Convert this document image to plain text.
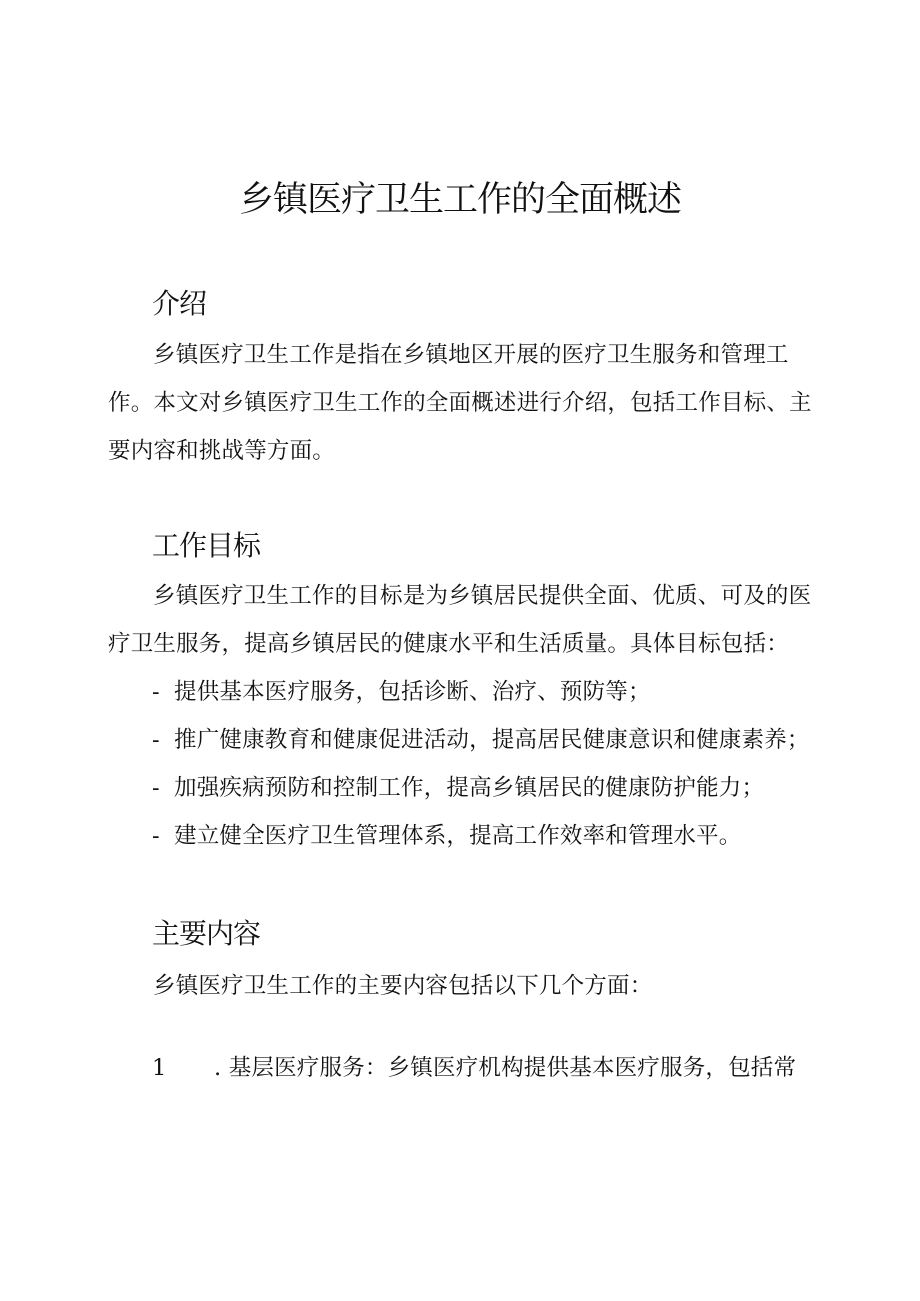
乡镇医疗卫生工作的全面概述
介绍

乡镇医疗卫生工作是指在乡镇地区开展的医疗卫生服务和管理工作。本文对乡镇医疗卫生工作的全面概述进行介绍，包括工作目标、主要内容和挑战等方面。

工作目标

乡镇医疗卫生工作的目标是为乡镇居民提供全面、优质、可及的医疗卫生服务，提高乡镇居民的健康水平和生活质量。具体目标包括：

- 提供基本医疗服务，包括诊断、治疗、预防等；
- 推广健康教育和健康促进活动，提高居民健康意识和健康素养；
- 加强疾病预防和控制工作，提高乡镇居民的健康防护能力；
- 建立健全医疗卫生管理体系，提高工作效率和管理水平。
主要内容

乡镇医疗卫生工作的主要内容包括以下几个方面：

1 . 基层医疗服务：乡镇医疗机构提供基本医疗服务，包括常
